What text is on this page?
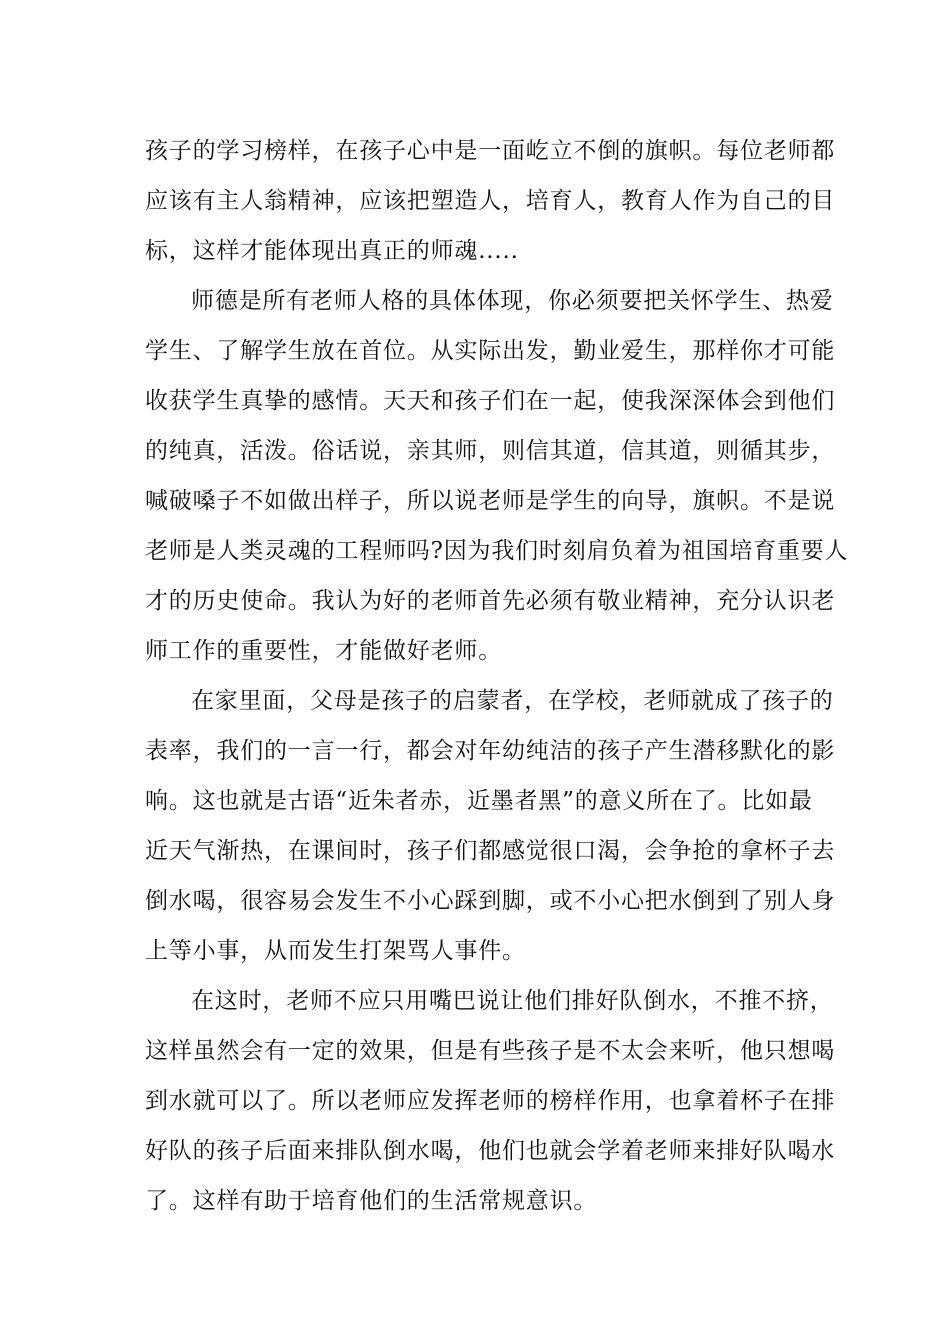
孩子的学习榜样，在孩子心中是一面屹立不倒的旗帜。每位老师都
应该有主人翁精神，应该把塑造人，培育人，教育人作为自己的目
标，这样才能体现出真正的师魂.....
师德是所有老师人格的具体体现，你必须要把关怀学生、热爱
学生、了解学生放在首位。从实际出发，勤业爱生，那样你才可能
收获学生真挚的感情。天天和孩子们在一起，使我深深体会到他们
的纯真，活泼。俗话说，亲其师，则信其道，信其道，则循其步，
喊破嗓子不如做出样子，所以说老师是学生的向导，旗帜。不是说
老师是人类灵魂的工程师吗?因为我们时刻肩负着为祖国培育重要人
才的历史使命。我认为好的老师首先必须有敬业精神，充分认识老
师工作的重要性，才能做好老师。
在家里面，父母是孩子的启蒙者，在学校，老师就成了孩子的
表率，我们的一言一行，都会对年幼纯洁的孩子产生潜移默化的影
响。这也就是古语“近朱者赤，近墨者黑”的意义所在了。比如最
近天气渐热，在课间时，孩子们都感觉很口渴，会争抢的拿杯子去
倒水喝，很容易会发生不小心踩到脚，或不小心把水倒到了别人身
上等小事，从而发生打架骂人事件。
在这时，老师不应只用嘴巴说让他们排好队倒水，不推不挤，
这样虽然会有一定的效果，但是有些孩子是不太会来听，他只想喝
到水就可以了。所以老师应发挥老师的榜样作用，也拿着杯子在排
好队的孩子后面来排队倒水喝，他们也就会学着老师来排好队喝水
了。这样有助于培育他们的生活常规意识。
